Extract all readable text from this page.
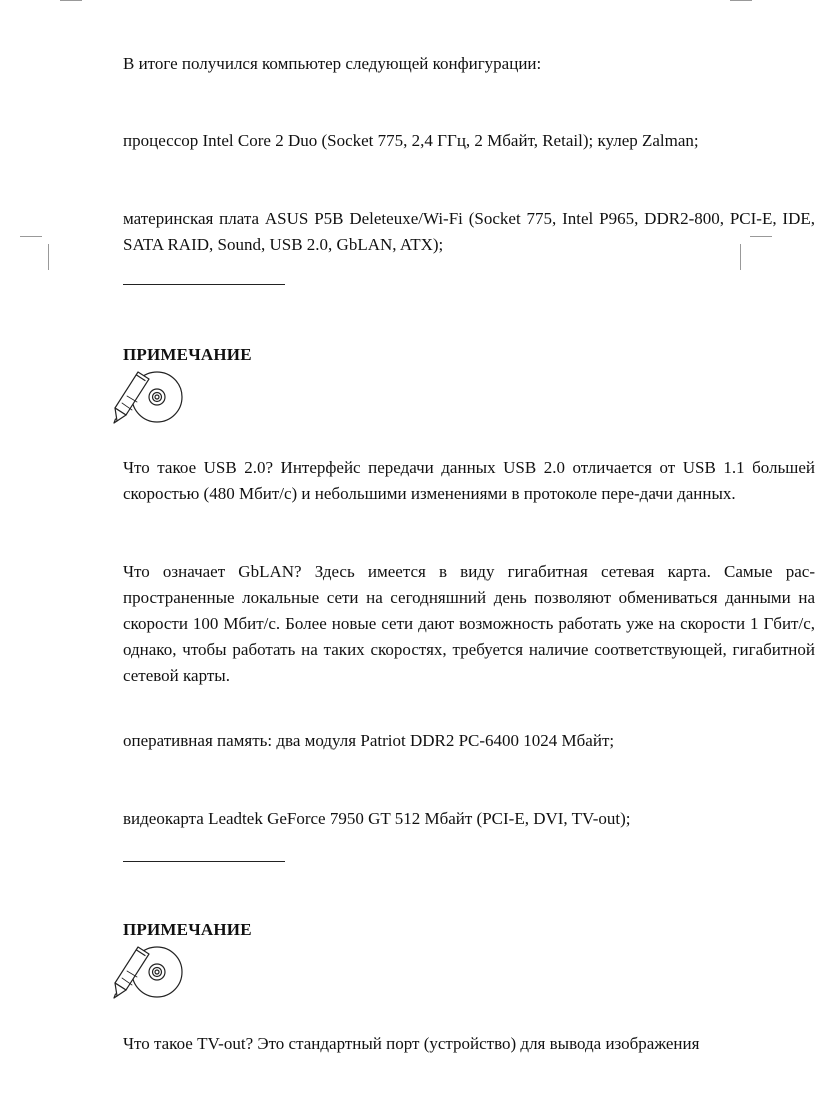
В итоге получился компьютер следующей конфигурации:

процессор Intel Core 2 Duo (Socket 775, 2,4 ГГц, 2 Мбайт, Retail); кулер Zalman;

материнская плата ASUS P5B Deleteuxe/Wi-Fi (Socket 775, Intel P965, DDR2-800, PCI-E, IDE, SATA RAID, Sound, USB 2.0, GbLAN, ATX);

ПРИМЕЧАНИЕ

Что такое USB 2.0? Интерфейс передачи данных USB 2.0 отличается от USB 1.1 большей скоростью (480 Мбит/с) и небольшими изменениями в протоколе пере-дачи данных.

Что означает GbLAN? Здесь имеется в виду гигабитная сетевая карта. Самые рас-пространенные локальные сети на сегодняшний день позволяют обмениваться данными на скорости 100 Мбит/с. Более новые сети дают возможность работать уже на скорости 1 Гбит/с, однако, чтобы работать на таких скоростях, требуется наличие соответствующей, гигабитной сетевой карты.

оперативная память: два модуля Patriot DDR2 PC-6400 1024 Мбайт;

видеокарта Leadtek GeForce 7950 GT 512 Мбайт (PCI-E, DVI, TV-out);

ПРИМЕЧАНИЕ

Что такое TV-out? Это стандартный порт (устройство) для вывода изображения
